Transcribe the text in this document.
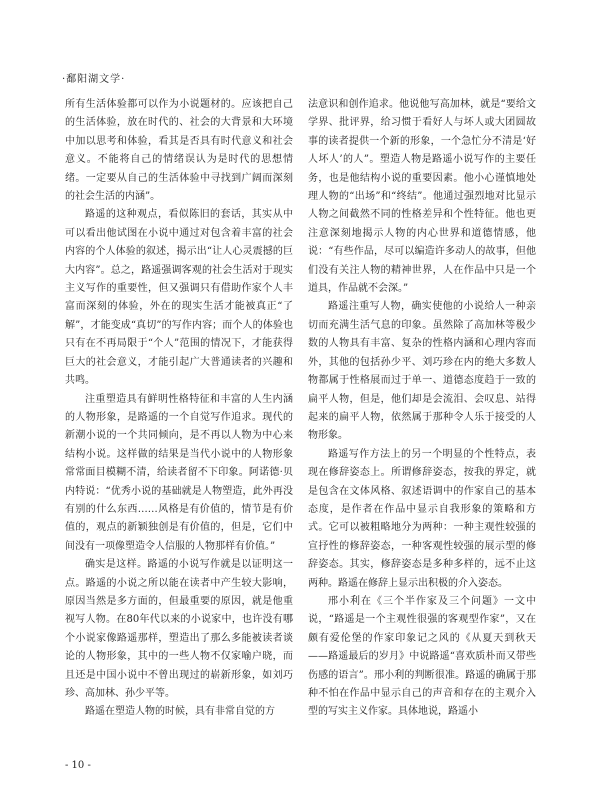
·鄱阳湖文学·

所有生活体验都可以作为小说题材的。应该把自己的生活体验，放在时代的、社会的大背景和大环境中加以思考和体验，看其是否具有时代意义和社会意义。不能将自己的情绪误认为是时代的思想情绪。一定要从自己的生活体验中寻找到广阔而深刻的社会生活的内涵”。

路遥的这种观点，看似陈旧的套话，其实从中可以看出他试图在小说中通过对包含着丰富的社会内容的个人体验的叙述，揭示出“让人心灵震撼的巨大内容”。总之，路遥强调客观的社会生活对于现实主义写作的重要性，但又强调只有借助作家个人丰富而深刻的体验，外在的现实生活才能被真正“了解”，才能变成“真切”的写作内容；而个人的体验也只有在不再局限于“个人”范围的情况下，才能获得巨大的社会意义，才能引起广大普通读者的兴趣和共鸣。

注重塑造具有鲜明性格特征和丰富的人生内涵的人物形象，是路遥的一个自觉写作追求。现代的新潮小说的一个共同倾向，是不再以人物为中心来结构小说。这样做的结果是当代小说中的人物形象常常面目模糊不清，给读者留不下印象。阿诺德·贝内特说：“优秀小说的基础就是人物塑造，此外再没有别的什么东西……风格是有价值的，情节是有价值的，观点的新颖独创是有价值的，但是，它们中间没有一项像塑造令人信服的人物那样有价值。”

确实是这样。路遥的小说写作就是以证明这一点。路遥的小说之所以能在读者中产生较大影响，原因当然是多方面的，但最重要的原因，就是他重视写人物。在80年代以来的小说家中，也许没有哪个小说家像路遥那样，塑造出了那么多能被读者谈论的人物形象，其中的一些人物不仅家喻户晓，而且还是中国小说中不曾出现过的崭新形象，如刘巧珍、高加林、孙少平等。

路遥在塑造人物的时候，具有非常自觉的方

法意识和创作追求。他说他写高加林，就是“要给文学界、批评界，给习惯于看好人与坏人或大团圆故事的读者提供一个新的形象，一个急忙分不清是‘好人坏人’的人”。塑造人物是路遥小说写作的主要任务，也是他结构小说的重要因素。他小心谨慎地处理人物的“出场”和“终结”。他通过强烈地对比显示人物之间截然不同的性格差异和个性特征。他也更注意深刻地揭示人物的内心世界和道德情感，他说：“有些作品，尽可以编造许多动人的故事，但他们没有关注人物的精神世界，人在作品中只是一个道具，作品就不会深。”

路遥注重写人物，确实使他的小说给人一种亲切而充满生活气息的印象。虽然除了高加林等极少数的人物具有丰富、复杂的性格内涵和心理内容而外，其他的包括孙少平、刘巧珍在内的绝大多数人物都属于性格展而过于单一、道德态度趋于一致的扁平人物，但是，他们却是会流泪、会叹息、站得起来的扁平人物，依然属于那种令人乐于接受的人物形象。

路遥写作方法上的另一个明显的个性特点，表现在修辞姿态上。所谓修辞姿态，按我的界定，就是包含在文体风格、叙述语调中的作家自己的基本态度，是作者在作品中显示自我形象的策略和方式。它可以被粗略地分为两种：一种主观性较强的宣抒性的修辞姿态，一种客观性较强的展示型的修辞姿态。其实，修辞姿态是多种多样的，远不止这两种。路遥在修辞上显示出积极的介入姿态。

邢小利在《三个半作家及三个问题》一文中说，“路遥是一个主观性很强的客观型作家”，又在颇有爱伦堡的作家印象记之风的《从夏天到秋天——路遥最后的岁月》中说路遥“喜欢质朴而又带些伤感的语言”。邢小利的判断很准。路遥的确属于那种不怕在作品中显示自己的声音和存在的主观介入型的写实主义作家。具体地说，路遥小

- 10 -
